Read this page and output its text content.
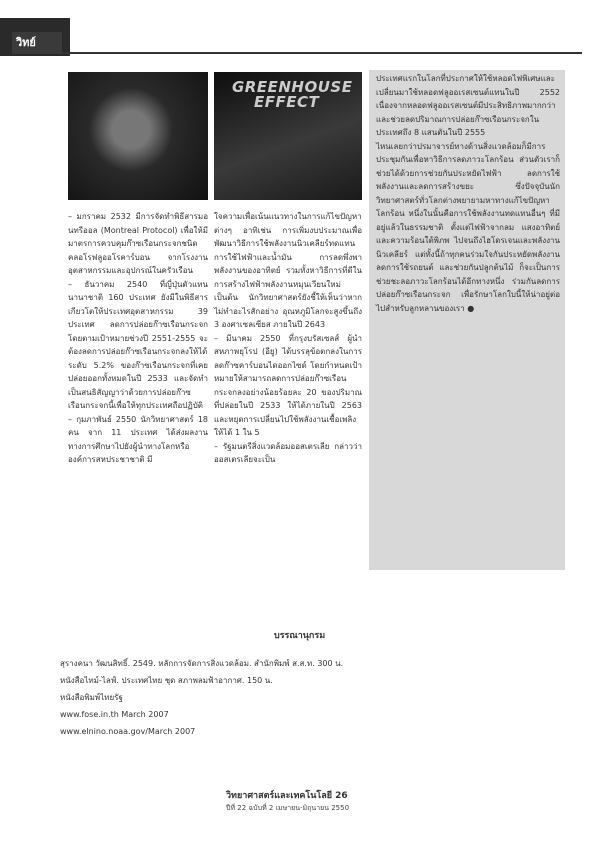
วิทย์แอนด์วิลด์	GREENHOUSE
EFFECT

– มกราคม 2532 มีการจัดทำพิธีสารมอนทรีออล (Montreal Protocol) เพื่อให้มีมาตรการควบคุมก๊าซเรือนกระจกชนิดคลอโรฟลูออโรคาร์บอน จากโรงงานอุตสาหกรรมและอุปกรณ์ในครัวเรือน

– ธันวาคม 2540 ที่ญี่ปุ่นตัวแทนนานาชาติ 160 ประเทศ ยังมีในพิธีสารเกียวโตให้ประเทศอุตสาหกรรม 39 ประเทศ ลดการปล่อยก๊าซเรือนกระจก โดยตามเป้าหมายช่วงปี 2551-2555 จะต้องลดการปล่อยก๊าซเรือนกระจกลงให้ได้ระดับ 5.2% ของก๊าซเรือนกระจกที่เคยปล่อยออกทั้งหมดในปี 2533 และจัดทำเป็นสนธิสัญญาว่าด้วยการปล่อยก๊าซเรือนกระจกนี้เพื่อให้ทุกประเทศถือปฏิบัติ

– กุมภาพันธ์ 2550 นักวิทยาศาสตร์ 18 คน จาก 11 ประเทศ ได้ส่งผลงานทางการศึกษาไปยังผู้นำทางโลกหรือองค์การสหประชาชาติ มี

ใจความเพื่อเน้นแนวทางในการแก้ไขปัญหาต่างๆ อาทิเช่น การเพิ่มงบประมาณเพื่อพัฒนาวิธีการใช้พลังงานนิวเคลียร์ทดแทนการใช้ไฟฟ้าและน้ำมัน การลดพึ่งพาพลังงานของอาทิตย์ รวมทั้งหาวิธีการที่ดีในการสร้างไฟฟ้าพลังงานหมุนเวียนใหม่ เป็นต้น นักวิทยาศาสตร์ยังชี้ให้เห็นว่าหากไม่ทำอะไรสักอย่าง อุณหภูมิโลกจะสูงขึ้นถึง 3 องศาเซลเซียส ภายในปี 2643

– มีนาคม 2550 ที่กรุงบรัสเซลส์ ผู้นำสหภาพยุโรป (อียู) ได้บรรลุข้อตกลงในการลดก๊าซคาร์บอนไดออกไซด์ โดยกำหนดเป้าหมายให้สามารถลดการปล่อยก๊าซเรือนกระจกลงอย่างน้อยร้อยละ 20 ของปริมาณที่ปล่อยในปี 2533 ให้ได้ภายในปี 2563 และหยุดการเปลี่ยนไปใช้พลังงานเชื้อเพลิงให้ได้ 1 ใน 5

– รัฐมนตรีสิ่งแวดล้อมออสเตรเลีย กล่าวว่า ออสเตรเลียจะเป็น

ประเทศแรกในโลกที่ประกาศให้ใช้หลอดไฟพิเศษและเปลี่ยนมาใช้หลอดฟลูออเรสเซนต์แทนในปี 2552 เนื่องจากหลอดฟลูออเรสเซนต์มีประสิทธิภาพมากกว่าและช่วยลดปริมาณการปล่อยก๊าซเรือนกระจกในประเทศถึง 8 แสนตันในปี 2555

ไหนเลยกว่าปรมาจารย์ทางด้านสิ่งแวดล้อมก็มีการประชุมกันเพื่อหาวิธีการลดภาวะโลกร้อน ส่วนตัวเราก็ช่วยได้ด้วยการช่วยกันประหยัดไฟฟ้า ลดการใช้พลังงานและลดการสร้างขยะ ซึ่งปัจจุบันนักวิทยาศาสตร์ทั่วโลกต่างพยายามหาทางแก้ไขปัญหาโลกร้อน หนึ่งในนั้นคือการใช้พลังงานทดแทนอื่นๆ ที่มีอยู่แล้วในธรรมชาติ ตั้งแต่ไฟฟ้าจากลม แสงอาทิตย์ และความร้อนใต้พิภพ ไปจนถึงไฮโดรเจนและพลังงานนิวเคลียร์ แต่ทั้งนี้ถ้าทุกคนร่วมใจกันประหยัดพลังงาน ลดการใช้รถยนต์ และช่วยกันปลูกต้นไม้ ก็จะเป็นการช่วยชะลอภาวะโลกร้อนได้อีกทางหนึ่ง ร่วมกันลดการปล่อยก๊าซเรือนกระจก เพื่อรักษาโลกใบนี้ให้น่าอยู่ต่อไปสำหรับลูกหลานของเรา ●

บรรณานุกรม
สุรางคนา วัฒนสิทธิ์. 2549. หลักการจัดการสิ่งแวดล้อม. สำนักพิมพ์ ส.ส.ท. 300 น.
หนังสือไทม์-ไลฟ์. ประเทศไทย ชุด สภาพลมฟ้าอากาศ. 150 น.
หนังสือพิมพ์ไทยรัฐ
www.fose.in.th March 2007
www.elnino.noaa.gov/March 2007
วิทยาศาสตร์และเทคโนโลยี 26
ปีที่ 22 ฉบับที่ 2 เมษายน-มิถุนายน 2550
